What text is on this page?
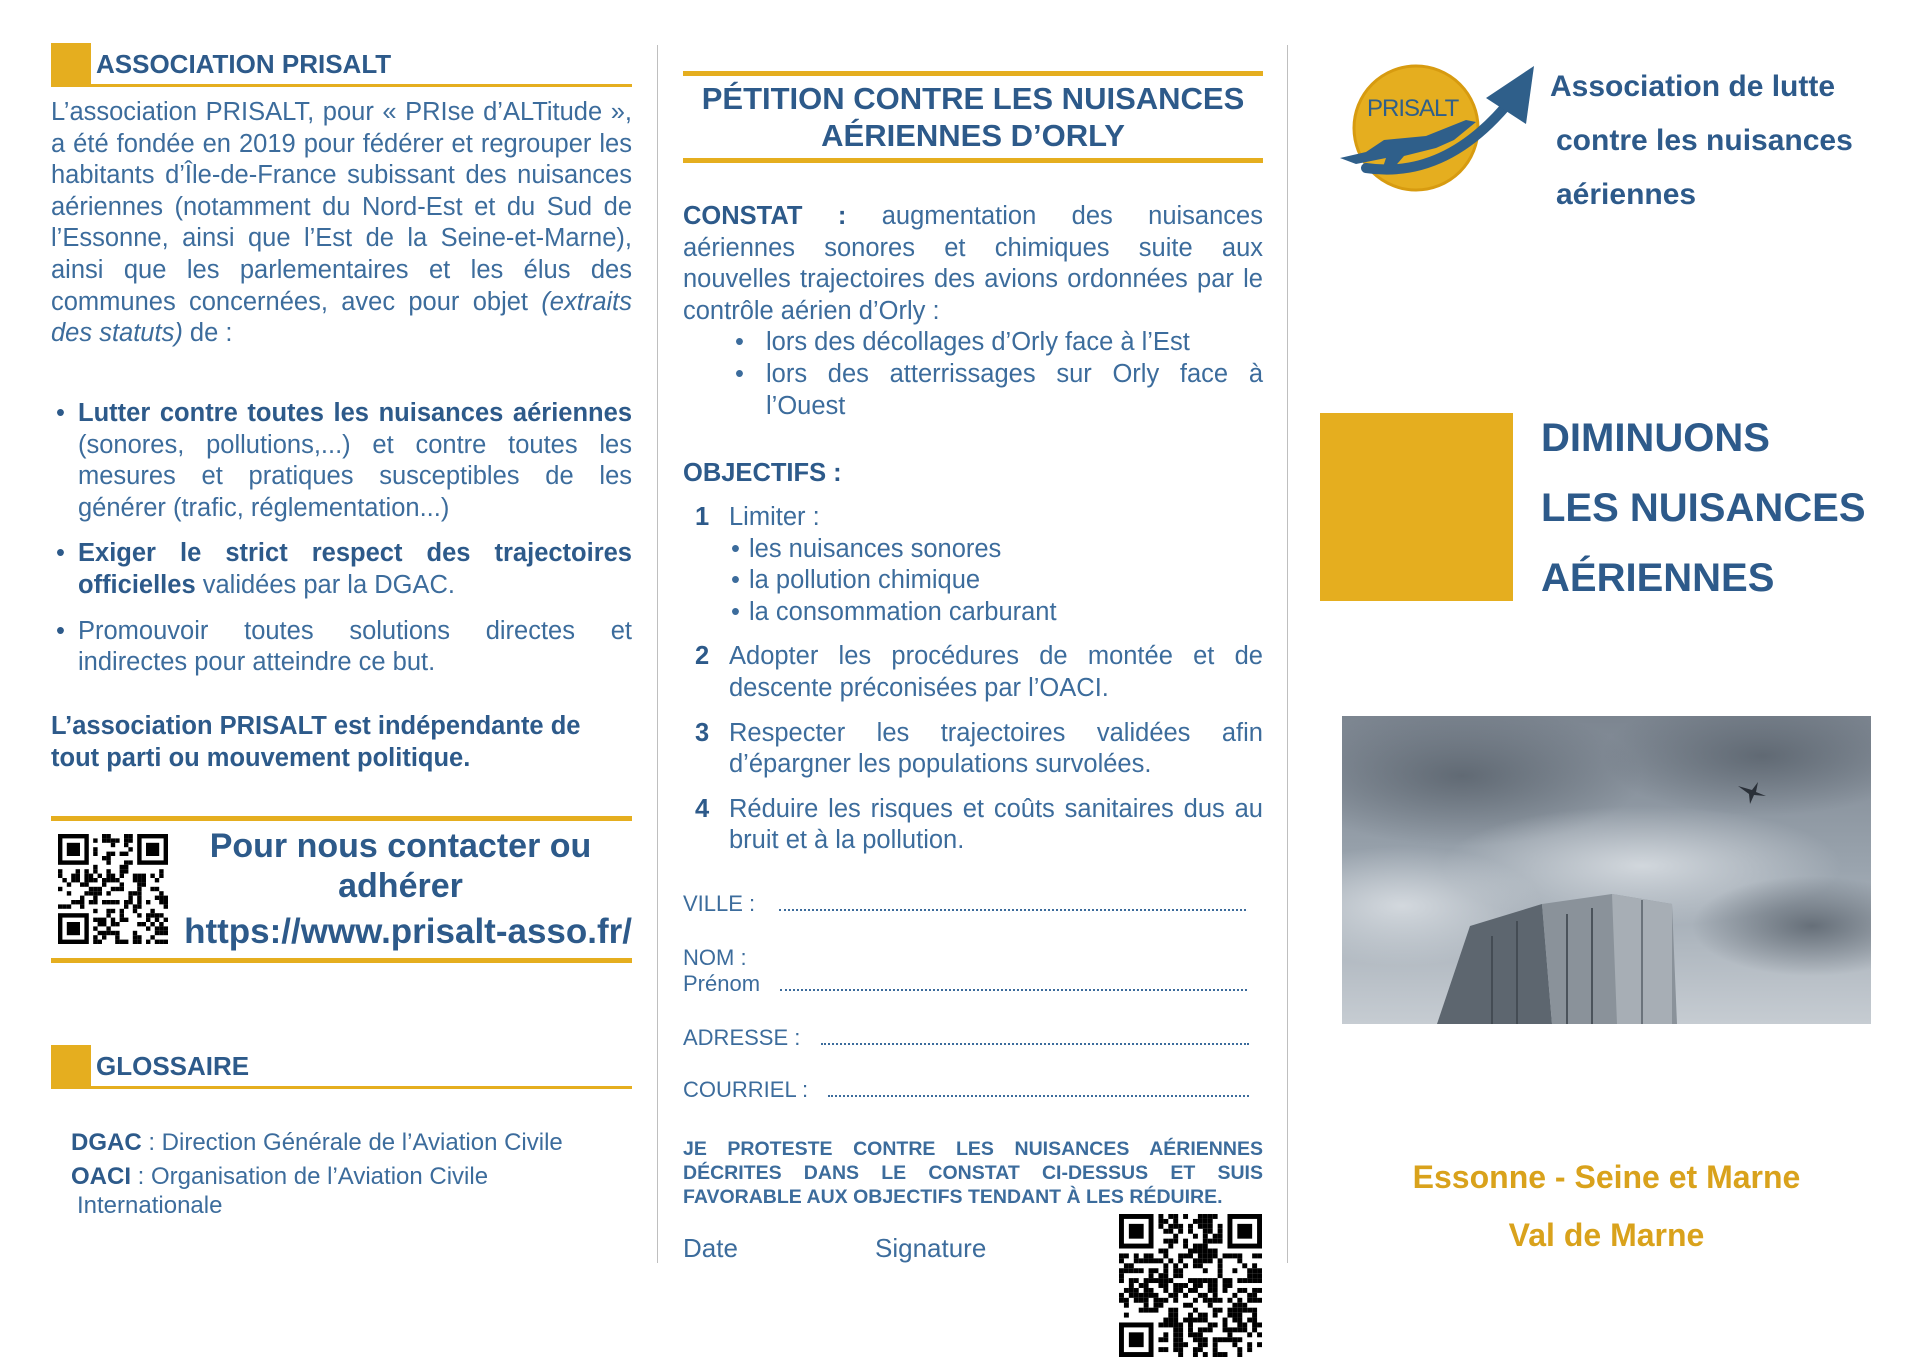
ASSOCIATION PRISALT
L’association PRISALT, pour « PRIse d’ALTitude », a été fondée en 2019 pour fédérer et regrouper les habitants d’Île-de-France subissant des nuisances aériennes (notamment du Nord-Est et du Sud de l’Essonne, ainsi que l’Est de la Seine-et-Marne), ainsi que les parlementaires et les élus des communes concernées, avec pour objet (extraits des statuts) de :
• Lutter contre toutes les nuisances aériennes (sonores, pollutions,...) et contre toutes les mesures et pratiques susceptibles de les générer (trafic, réglementation...)
• Exiger le strict respect des trajectoires officielles validées par la DGAC.
• Promouvoir toutes solutions directes et indirectes pour atteindre ce but.
L’association PRISALT est indépendante de tout parti ou mouvement politique.
Pour nous contacter ou
adhérer
https://www.prisalt-asso.fr/
GLOSSAIRE
DGAC : Direction Générale de l’Aviation Civile
OACI : Organisation de l’Aviation Civile Internationale
PÉTITION CONTRE LES NUISANCES
AÉRIENNES D’ORLY
CONSTAT : augmentation des nuisances aériennes sonores et chimiques suite aux nouvelles trajectoires des avions ordonnées par le contrôle aérien d’Orly :
• lors des décollages d’Orly face à l’Est
• lors des atterrissages sur Orly face à l’Ouest
OBJECTIFS :
1 Limiter :
• les nuisances sonores
• la pollution chimique
• la consommation carburant
2 Adopter les procédures de montée et de descente préconisées par l’OACI.
3 Respecter les trajectoires validées afin d’épargner les populations survolées.
4 Réduire les risques et coûts sanitaires dus au bruit et à la pollution.
VILLE :
NOM :
Prénom
ADRESSE :
COURRIEL :
JE PROTESTE CONTRE LES NUISANCES AÉRIENNES DÉCRITES DANS LE CONSTAT CI-DESSUS ET SUIS FAVORABLE AUX OBJECTIFS TENDANT À LES RÉDUIRE.
Date	Signature
PRISALT
Association de lutte
contre les nuisances
aériennes
DIMINUONS
LES NUISANCES
AÉRIENNES
Essonne - Seine et Marne
Val de Marne
